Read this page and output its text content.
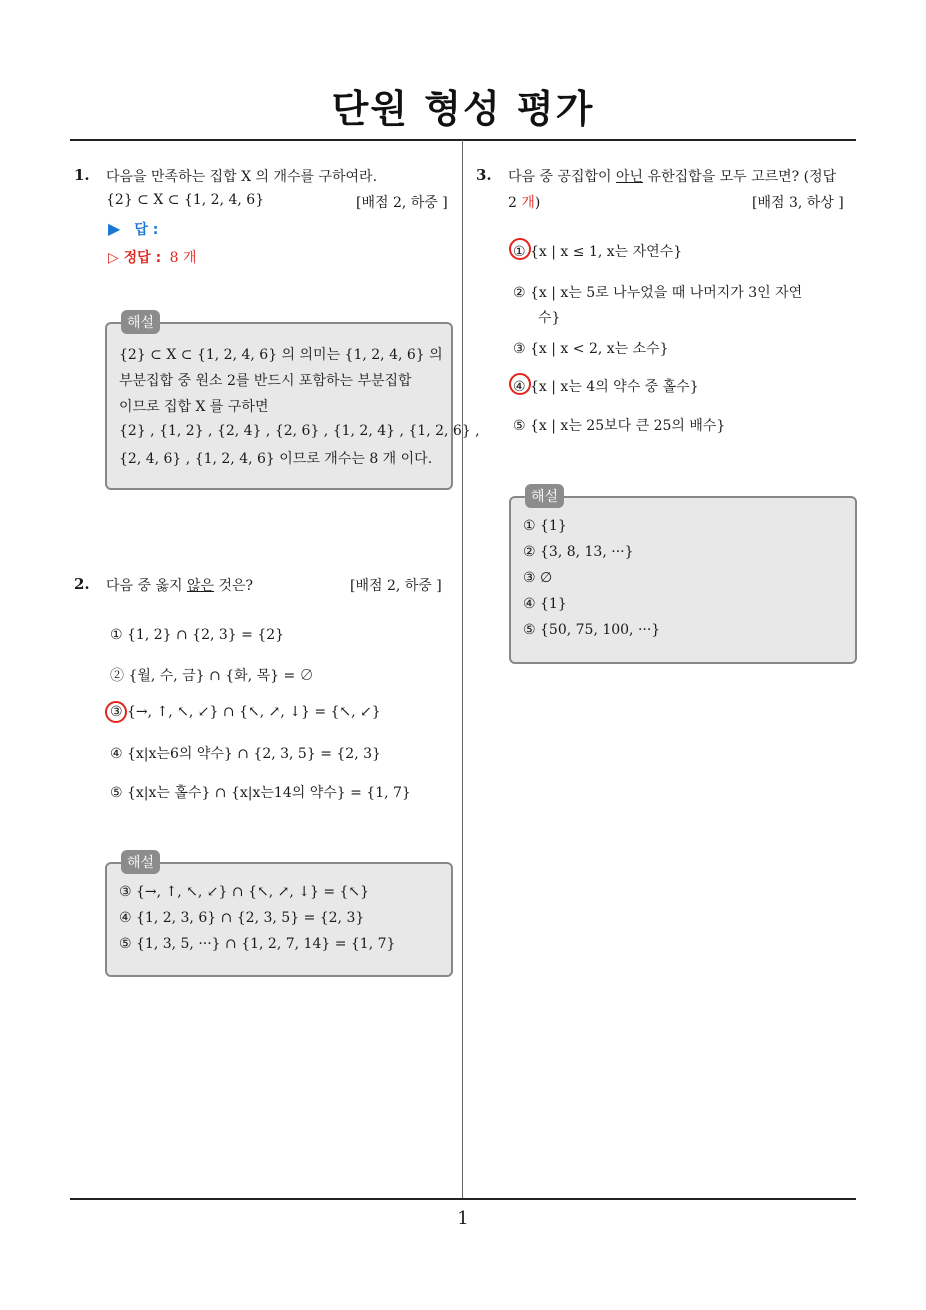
단원 형성 평가
1. 다음을 만족하는 집합 X 의 개수를 구하여라.
{2} ⊂ X ⊂ {1, 2, 4, 6}	[배점 2, 하중 ]
▶ 답 :
▷ 정답 : 8 개
해설
{2} ⊂ X ⊂ {1, 2, 4, 6} 의 의미는 {1, 2, 4, 6} 의
부분집합 중 원소 2를 반드시 포함하는 부분집합
이므로 집합 X 를 구하면
{2} , {1, 2} , {2, 4} , {2, 6} , {1, 2, 4} , {1, 2, 6} ,
{2, 4, 6} , {1, 2, 4, 6} 이므로 개수는 8 개 이다.
2. 다음 중 옳지 않은 것은?	[배점 2, 하중 ]
① {1, 2} ∩ {2, 3} = {2}
② {월, 수, 금} ∩ {화, 목} = ∅
③ {→, ↑, ↖, ↙} ∩ {↖, ↗, ↓} = {↖, ↙}
④ {x|x는6의 약수} ∩ {2, 3, 5} = {2, 3}
⑤ {x|x는 홀수} ∩ {x|x는14의 약수} = {1, 7}
해설
③ {→, ↑, ↖, ↙} ∩ {↖, ↗, ↓} = {↖}
④ {1, 2, 3, 6} ∩ {2, 3, 5} = {2, 3}
⑤ {1, 3, 5, ···} ∩ {1, 2, 7, 14} = {1, 7}
3. 다음 중 공집합이 아닌 유한집합을 모두 고르면? (정답
2 개)	[배점 3, 하상 ]
① {x | x ≤ 1, x는 자연수}
② {x | x는 5로 나누었을 때 나머지가 3인 자연
수}
③ {x | x < 2, x는 소수}
④ {x | x는 4의 약수 중 홀수}
⑤ {x | x는 25보다 큰 25의 배수}
해설
① {1}
② {3, 8, 13, ···}
③ ∅
④ {1}
⑤ {50, 75, 100, ···}
1
